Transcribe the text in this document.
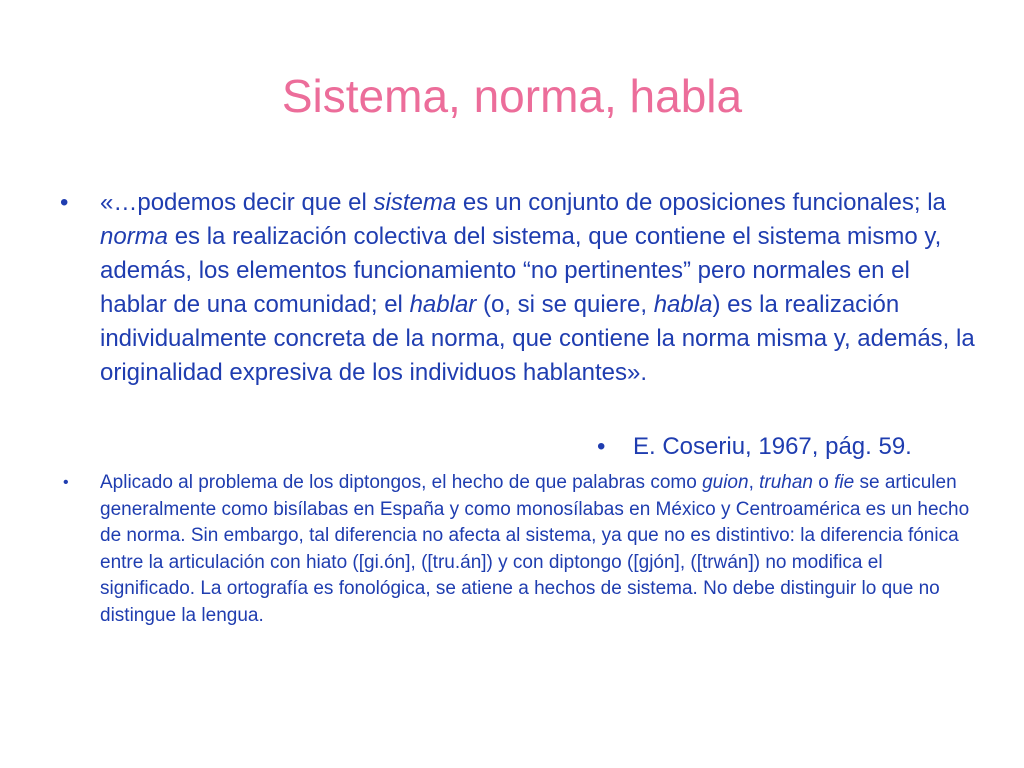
Sistema, norma, habla
• «…podemos decir que el sistema es un conjunto de oposiciones funcionales; la norma es la realización colectiva del sistema, que contiene el sistema mismo y, además, los elementos funcionamiento “no pertinentes” pero normales en el hablar de una comunidad; el hablar (o, si se quiere, habla) es la realización individualmente concreta de la norma, que contiene la norma misma y, además, la originalidad expresiva de los individuos hablantes».

• E. Coseriu, 1967, pág. 59.
• Aplicado al problema de los diptongos, el hecho de que palabras como guion, truhan o fie se articulen generalmente como bisílabas en España y como monosílabas en México y Centroamérica es un hecho de norma. Sin embargo, tal diferencia no afecta al sistema, ya que no es distintivo: la diferencia fónica entre la articulación con hiato ([gi.ón], ([tru.án]) y con diptongo ([gjón], ([trwán]) no modifica el significado. La ortografía es fonológica, se atiene a hechos de sistema. No debe distinguir lo que no distingue la lengua.
